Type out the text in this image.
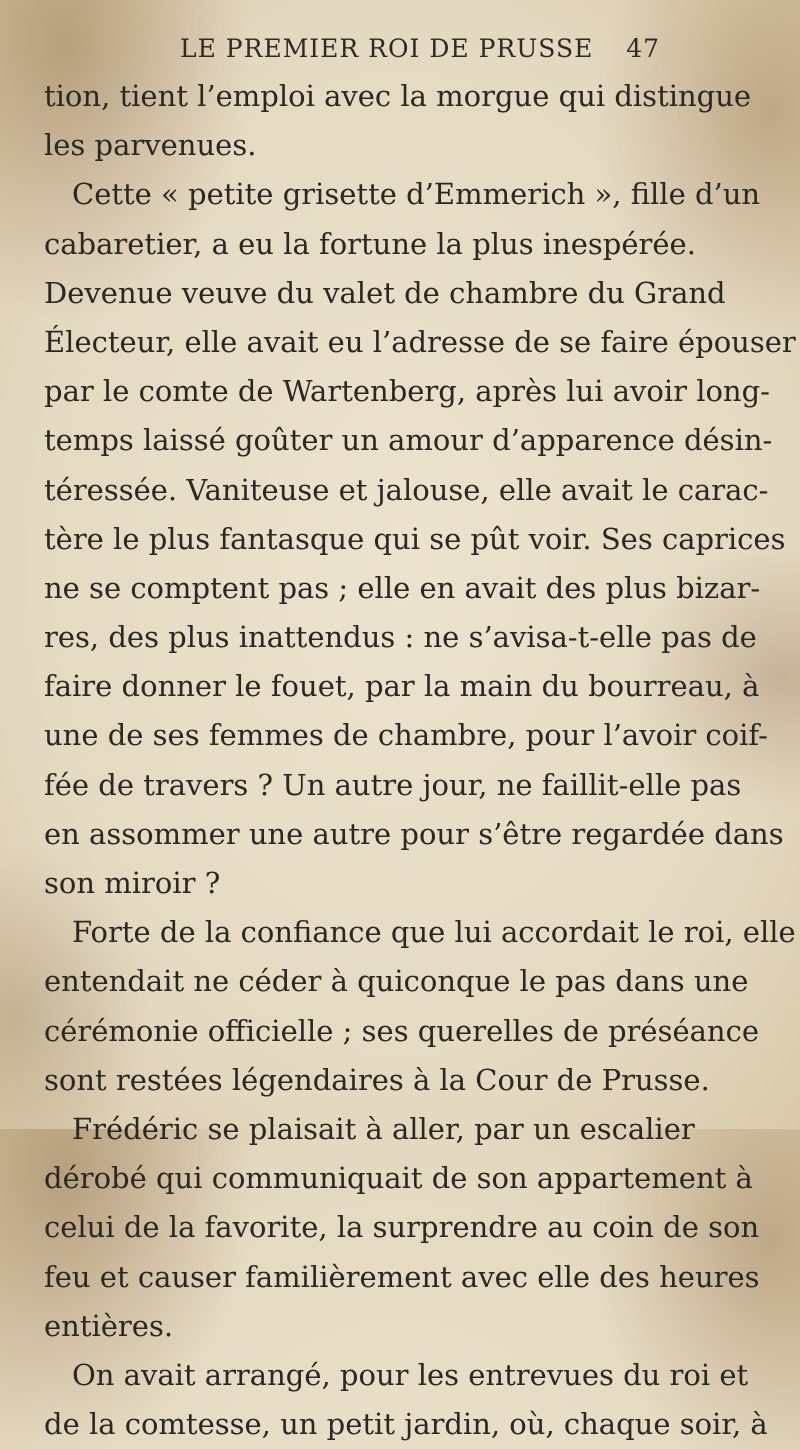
LE PREMIER ROI DE PRUSSE 47
tion, tient l’emploi avec la morgue qui distingue
les parvenues.
Cette « petite grisette d’Emmerich », fille d’un
cabaretier, a eu la fortune la plus inespérée.
Devenue veuve du valet de chambre du Grand
Électeur, elle avait eu l’adresse de se faire épouser
par le comte de Wartenberg, après lui avoir long-
temps laissé goûter un amour d’apparence désin-
téressée. Vaniteuse et jalouse, elle avait le carac-
tère le plus fantasque qui se pût voir. Ses caprices
ne se comptent pas ; elle en avait des plus bizar-
res, des plus inattendus : ne s’avisa-t-elle pas de
faire donner le fouet, par la main du bourreau, à
une de ses femmes de chambre, pour l’avoir coif-
fée de travers ? Un autre jour, ne faillit-elle pas
en assommer une autre pour s’être regardée dans
son miroir ?
Forte de la confiance que lui accordait le roi, elle
entendait ne céder à quiconque le pas dans une
cérémonie officielle ; ses querelles de préséance
sont restées légendaires à la Cour de Prusse.
Frédéric se plaisait à aller, par un escalier
dérobé qui communiquait de son appartement à
celui de la favorite, la surprendre au coin de son
feu et causer familièrement avec elle des heures
entières.
On avait arrangé, pour les entrevues du roi et
de la comtesse, un petit jardin, où, chaque soir, à
